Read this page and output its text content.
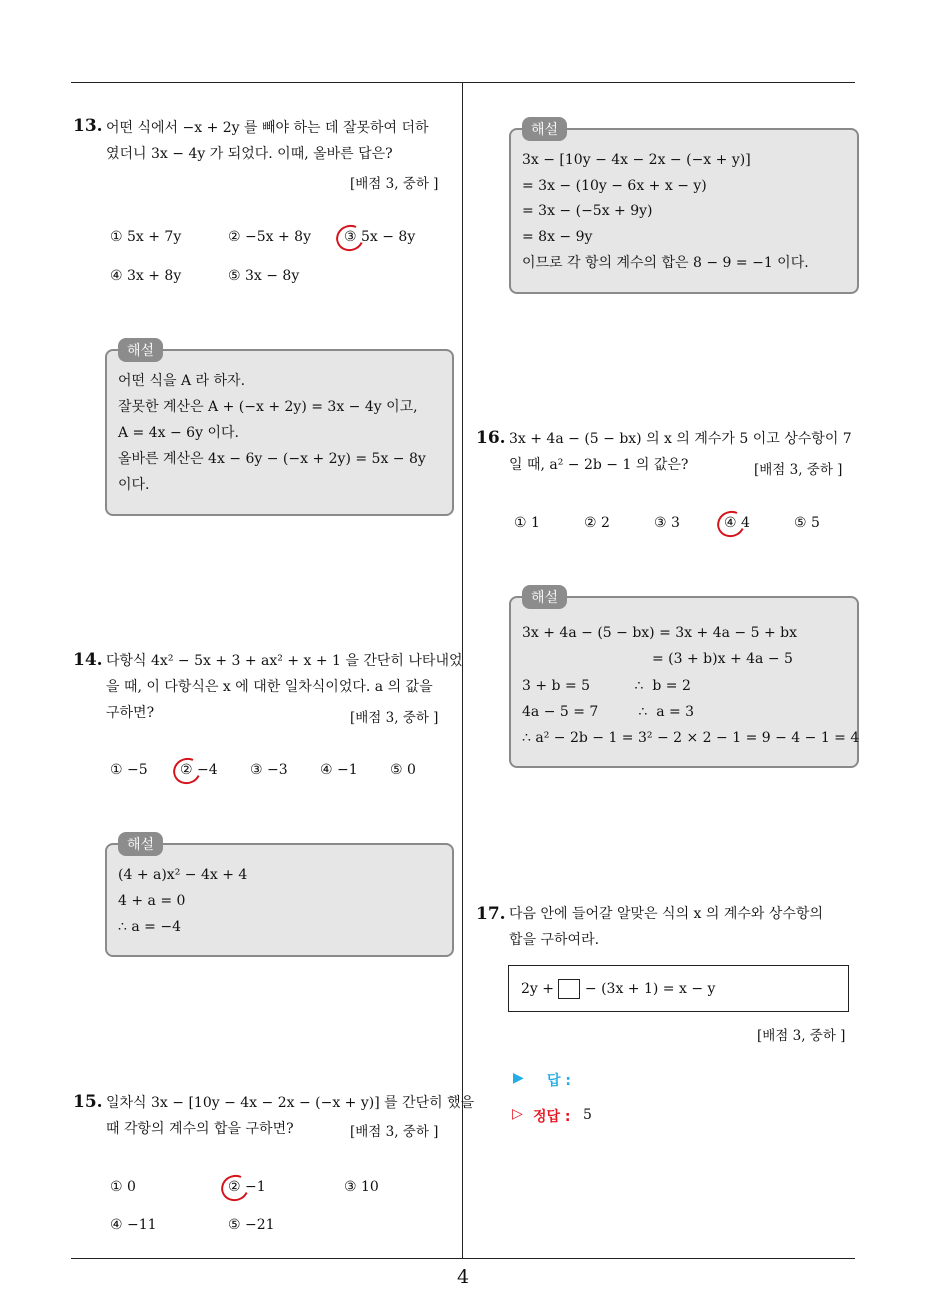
13. 어떤 식에서 −x + 2y 를 빼야 하는 데 잘못하여 더하
였더니 3x − 4y 가 되었다. 이때, 올바른 답은?
[배점 3, 중하 ]
① 5x + 7y	② −5x + 8y ③ 5x − 8y
④ 3x + 8y	⑤ 3x − 8y
해설
어떤 식을 A 라 하자.
잘못한 계산은 A + (−x + 2y) = 3x − 4y 이고,
A = 4x − 6y 이다.
올바른 계산은 4x − 6y − (−x + 2y) = 5x − 8y
이다.
14. 다항식 4x² − 5x + 3 + ax² + x + 1 을 간단히 나타내었
을 때, 이 다항식은 x 에 대한 일차식이었다. a 의 값을
구하면?	[배점 3, 중하 ]
① −5 ② −4 ③ −3 ④ −1 ⑤ 0
해설
(4 + a)x² − 4x + 4
4 + a = 0
∴ a = −4
15. 일차식 3x − [10y − 4x − 2x − (−x + y)] 를 간단히 했을
때 각항의 계수의 합을 구하면?	[배점 3, 중하 ]
① 0	② −1	③ 10
④ −11	⑤ −21
해설
3x − [10y − 4x − 2x − (−x + y)]
= 3x − (10y − 6x + x − y)
= 3x − (−5x + 9y)
= 8x − 9y
이므로 각 항의 계수의 합은 8 − 9 = −1 이다.
16. 3x + 4a − (5 − bx) 의 x 의 계수가 5 이고 상수항이 7
일 때, a² − 2b − 1 의 값은?	[배점 3, 중하 ]
① 1	② 2	③ 3	④ 4	⑤ 5
해설
3x + 4a − (5 − bx) = 3x + 4a − 5 + bx
= (3 + b)x + 4a − 5
3 + b = 5          ∴  b = 2
4a − 5 = 7         ∴  a = 3
∴ a² − 2b − 1 = 3² − 2 × 2 − 1 = 9 − 4 − 1 = 4
17. 다음 안에 들어갈 알맞은 식의 x 의 계수와 상수항의
합을 구하여라.
2y + − (3x + 1) = x − y
[배점 3, 중하 ]
▶ 답 :
▷ 정답 : 5
4
